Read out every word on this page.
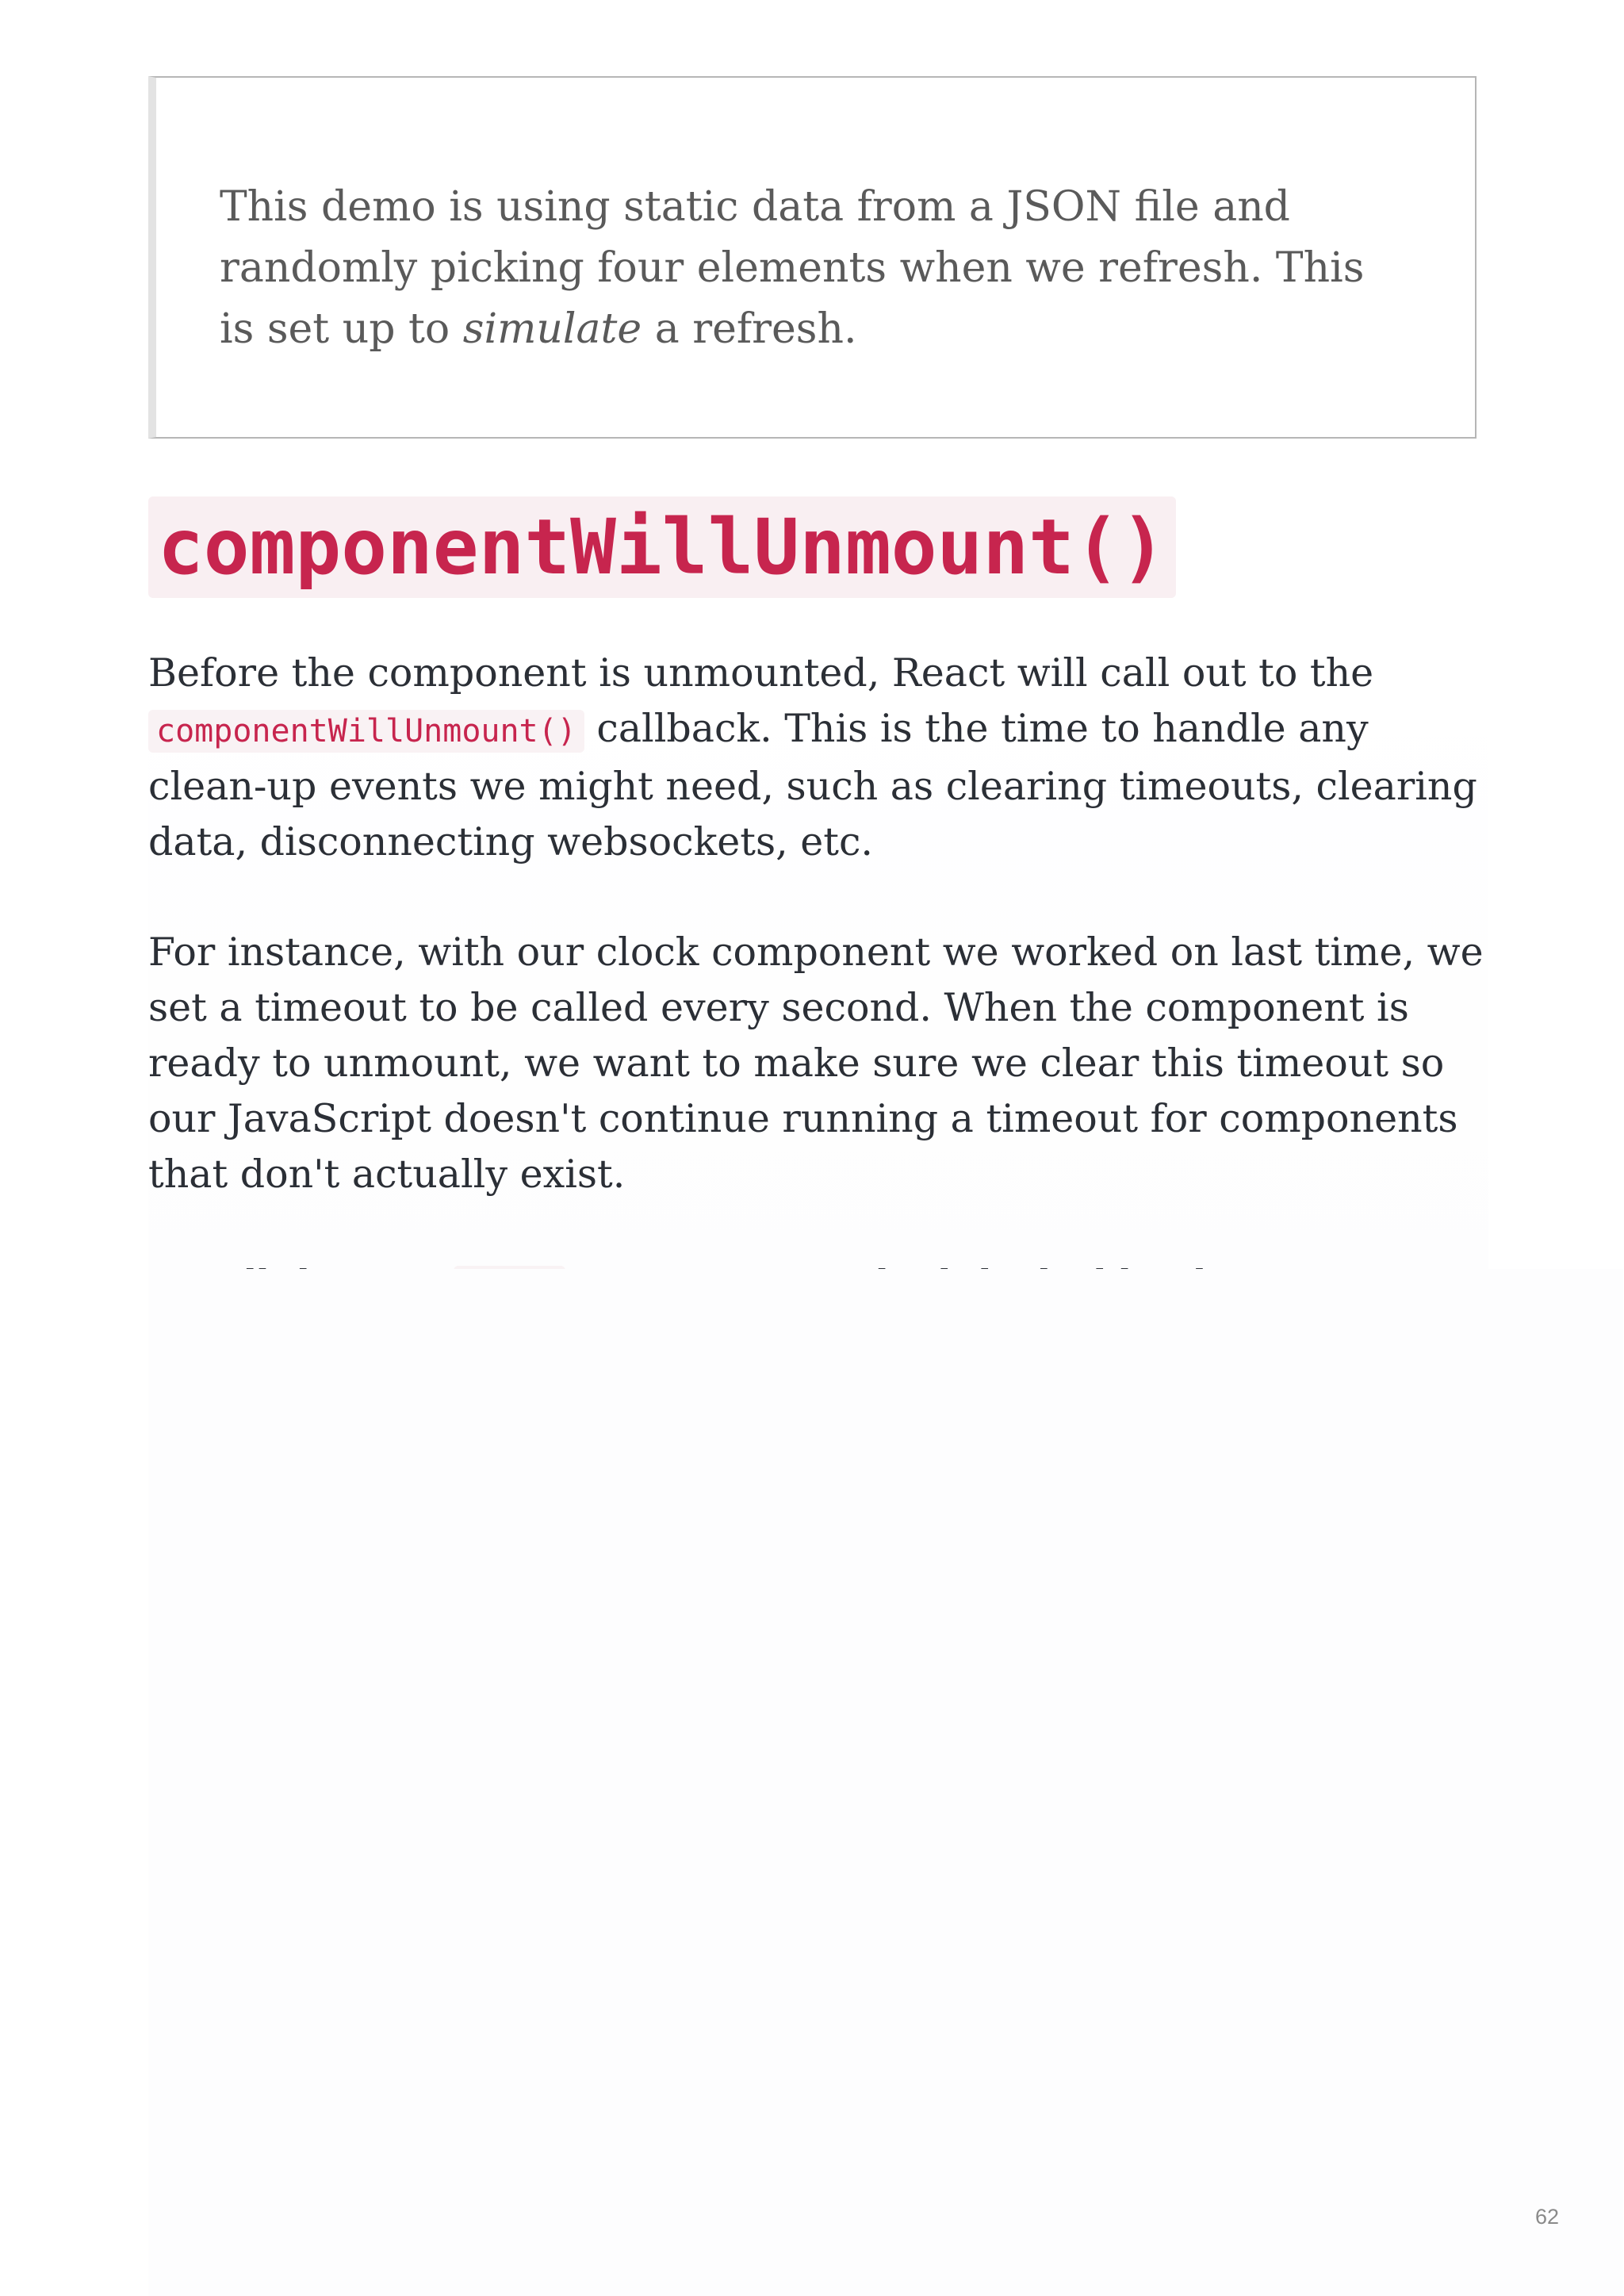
This demo is using static data from a JSON file and randomly picking four elements when we refresh. This is set up to simulate a refresh.

componentWillUnmount()

Before the component is unmounted, React will call out to the componentWillUnmount() callback. This is the time to handle any clean-up events we might need, such as clearing timeouts, clearing data, disconnecting websockets, etc.

For instance, with our clock component we worked on last time, we set a timeout to be called every second. When the component is ready to unmount, we want to make sure we clear this timeout so our JavaScript doesn't continue running a timeout for components that don't actually exist.

62
